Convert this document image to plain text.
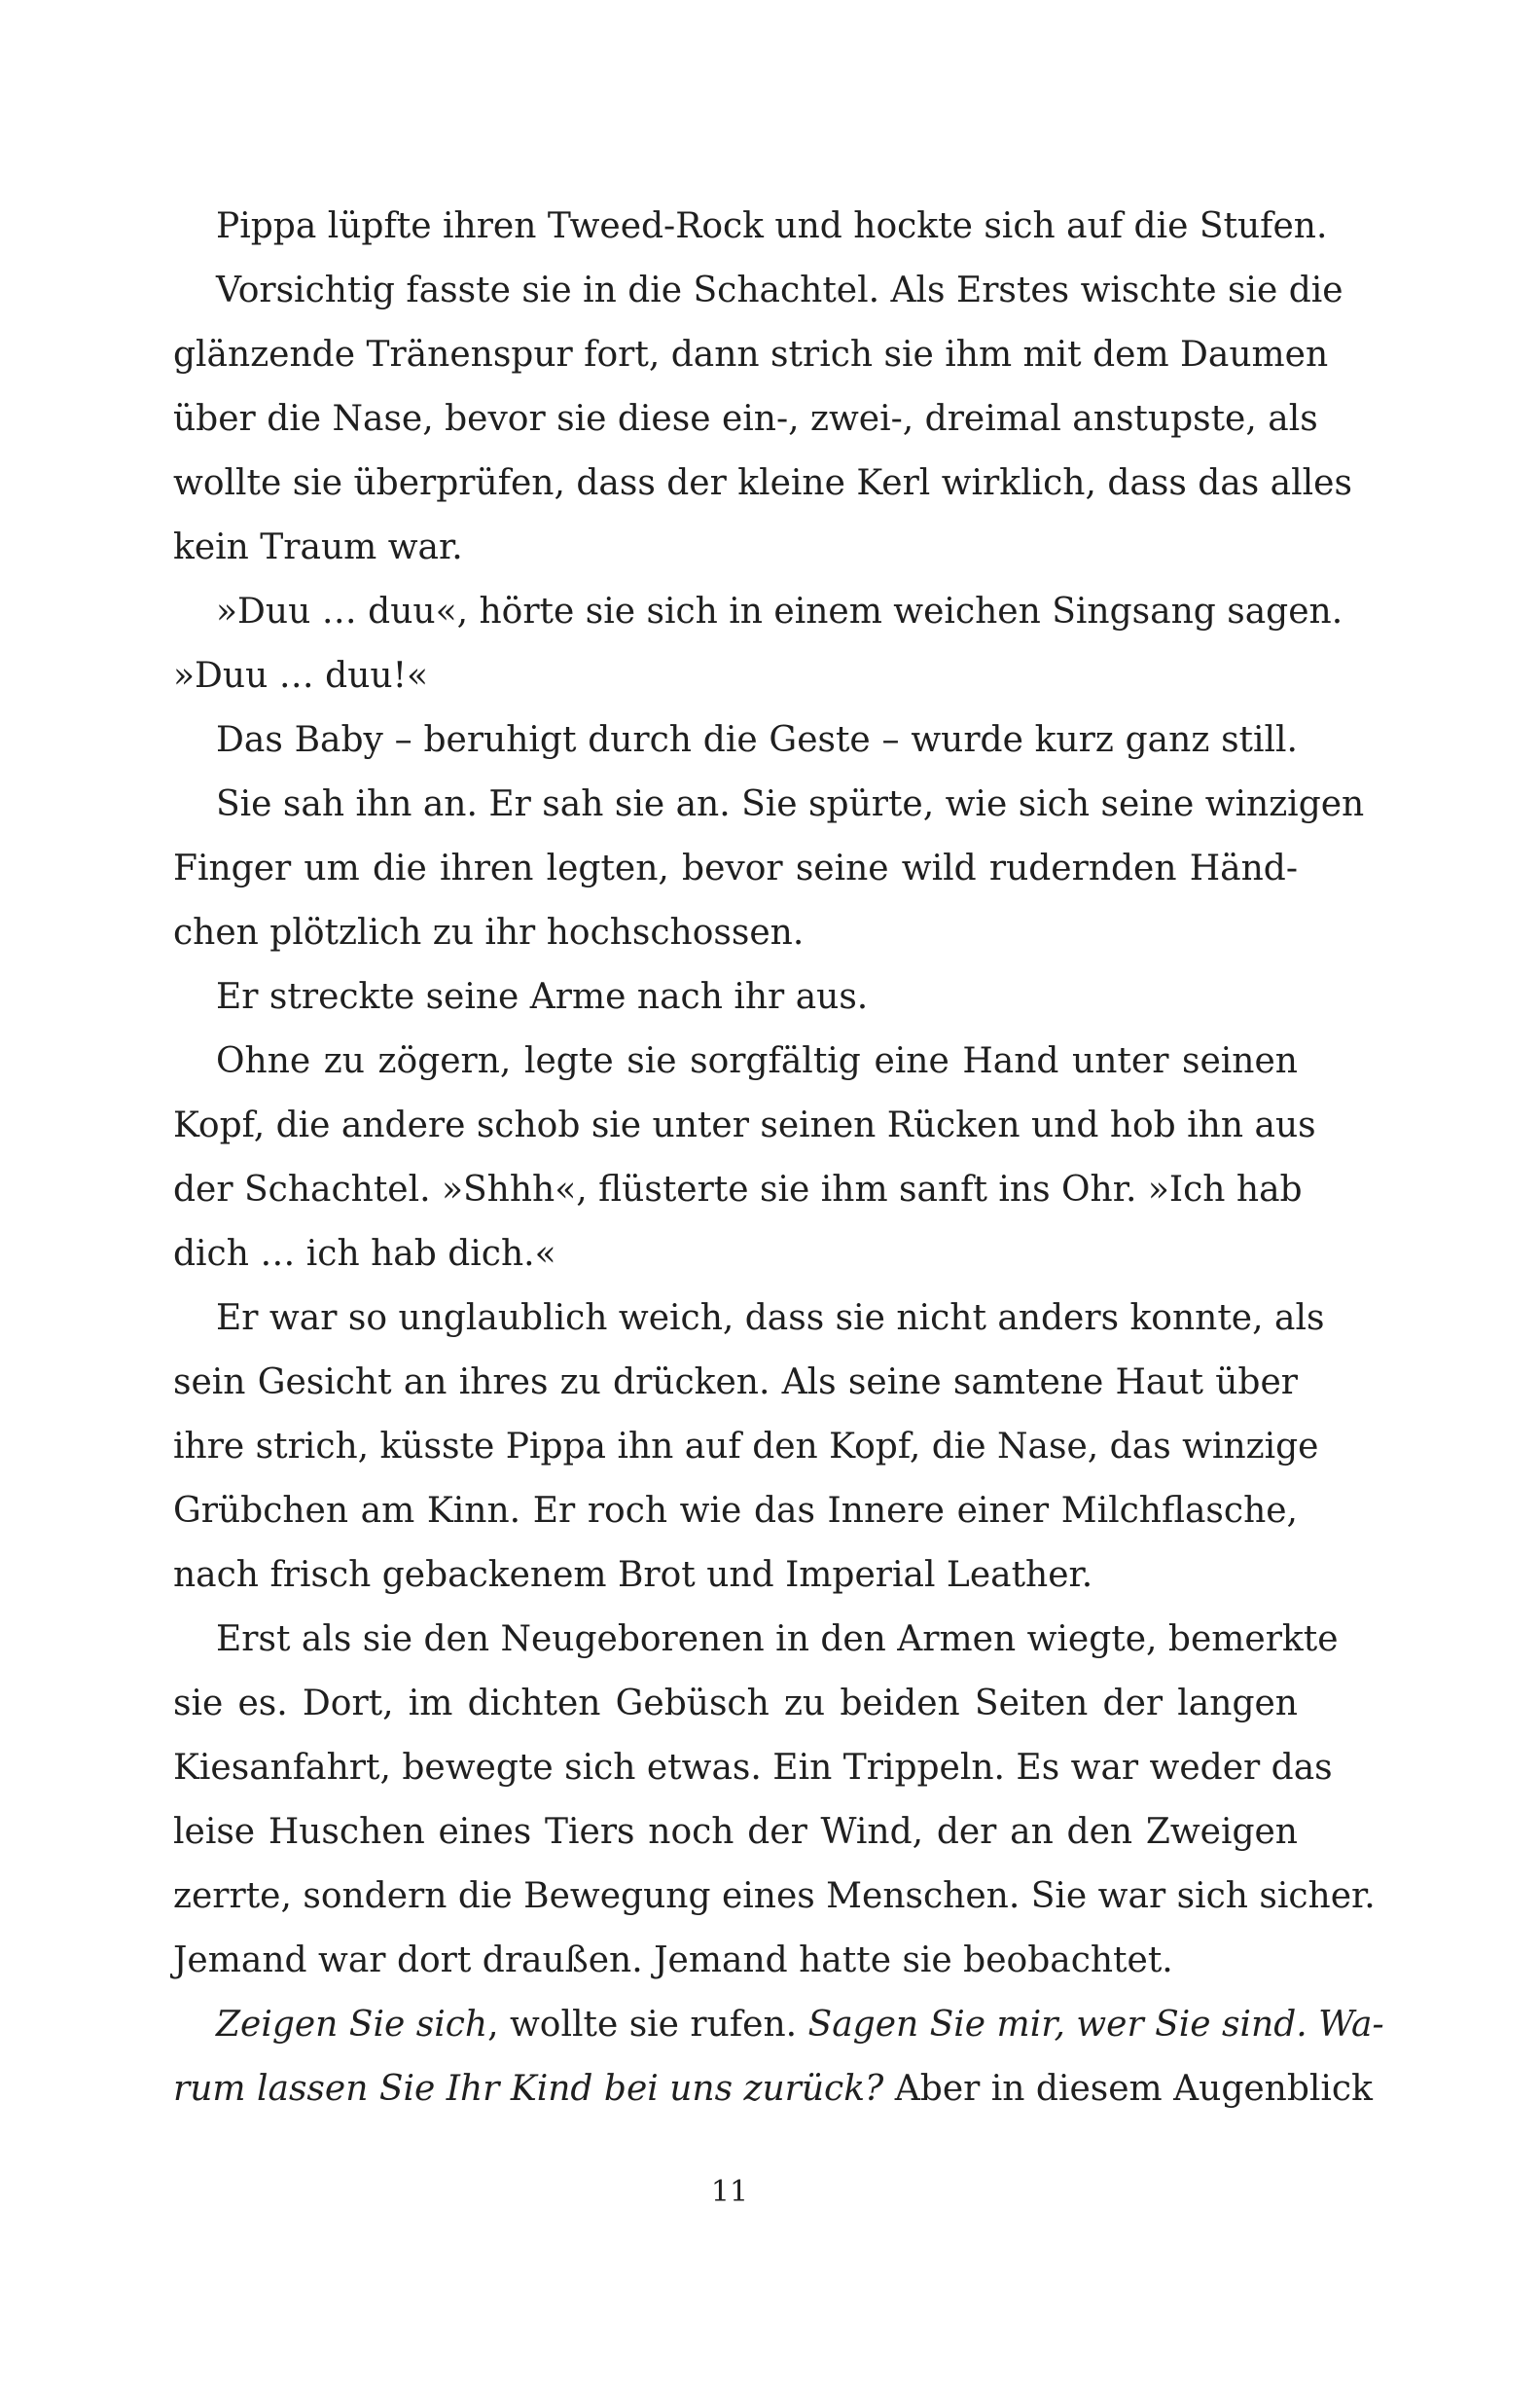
Pippa lüpfte ihren Tweed-Rock und hockte sich auf die Stufen.
Vorsichtig fasste sie in die Schachtel. Als Erstes wischte sie die
glänzende Tränenspur fort, dann strich sie ihm mit dem Daumen
über die Nase, bevor sie diese ein-, zwei-, dreimal anstupste, als
wollte sie überprüfen, dass der kleine Kerl wirklich, dass das alles
kein Traum war.
»Duu … duu«, hörte sie sich in einem weichen Singsang sagen.
»Duu … duu!«
Das Baby – beruhigt durch die Geste – wurde kurz ganz still.
Sie sah ihn an. Er sah sie an. Sie spürte, wie sich seine winzigen
Finger um die ihren legten, bevor seine wild rudernden Händ-
chen plötzlich zu ihr hochschossen.
Er streckte seine Arme nach ihr aus.
Ohne zu zögern, legte sie sorgfältig eine Hand unter seinen
Kopf, die andere schob sie unter seinen Rücken und hob ihn aus
der Schachtel. »Shhh«, flüsterte sie ihm sanft ins Ohr. »Ich hab
dich … ich hab dich.«
Er war so unglaublich weich, dass sie nicht anders konnte, als
sein Gesicht an ihres zu drücken. Als seine samtene Haut über
ihre strich, küsste Pippa ihn auf den Kopf, die Nase, das winzige
Grübchen am Kinn. Er roch wie das Innere einer Milchflasche,
nach frisch gebackenem Brot und Imperial Leather.
Erst als sie den Neugeborenen in den Armen wiegte, bemerkte
sie es. Dort, im dichten Gebüsch zu beiden Seiten der langen
Kiesanfahrt, bewegte sich etwas. Ein Trippeln. Es war weder das
leise Huschen eines Tiers noch der Wind, der an den Zweigen
zerrte, sondern die Bewegung eines Menschen. Sie war sich sicher.
Jemand war dort draußen. Jemand hatte sie beobachtet.
Zeigen Sie sich, wollte sie rufen. Sagen Sie mir, wer Sie sind. Wa-
rum lassen Sie Ihr Kind bei uns zurück? Aber in diesem Augenblick
11
